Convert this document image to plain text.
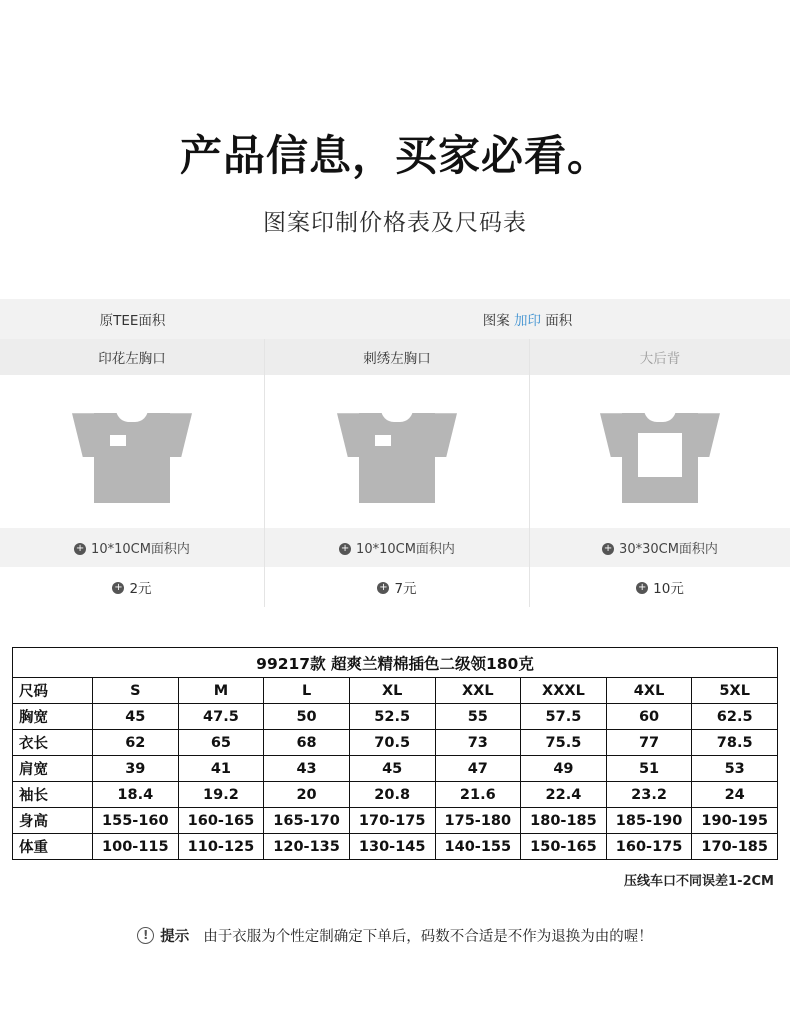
产品信息，买家必看。
图案印制价格表及尺码表
原TEE面积	图案 加印 面积
印花左胸口
+ 10*10CM面积内
+ 2元
刺绣左胸口
+ 10*10CM面积内
+ 7元
大后背
+ 30*30CM面积内
+ 10元
99217款 超爽兰精棉插色二级领180克								
尺码	S	M	L	XL	XXL	XXXL	4XL	5XL
胸宽	45	47.5	50	52.5	55	57.5	60	62.5
衣长	62	65	68	70.5	73	75.5	77	78.5
肩宽	39	41	43	45	47	49	51	53
袖长	18.4	19.2	20	20.8	21.6	22.4	23.2	24
身高	155-160	160-165	165-170	170-175	175-180	180-185	185-190	190-195
体重	100-115	110-125	120-135	130-145	140-155	150-165	160-175	170-185
压线车口不同误差1-2CM
! 提示 由于衣服为个性定制确定下单后，码数不合适是不作为退换为由的喔！
